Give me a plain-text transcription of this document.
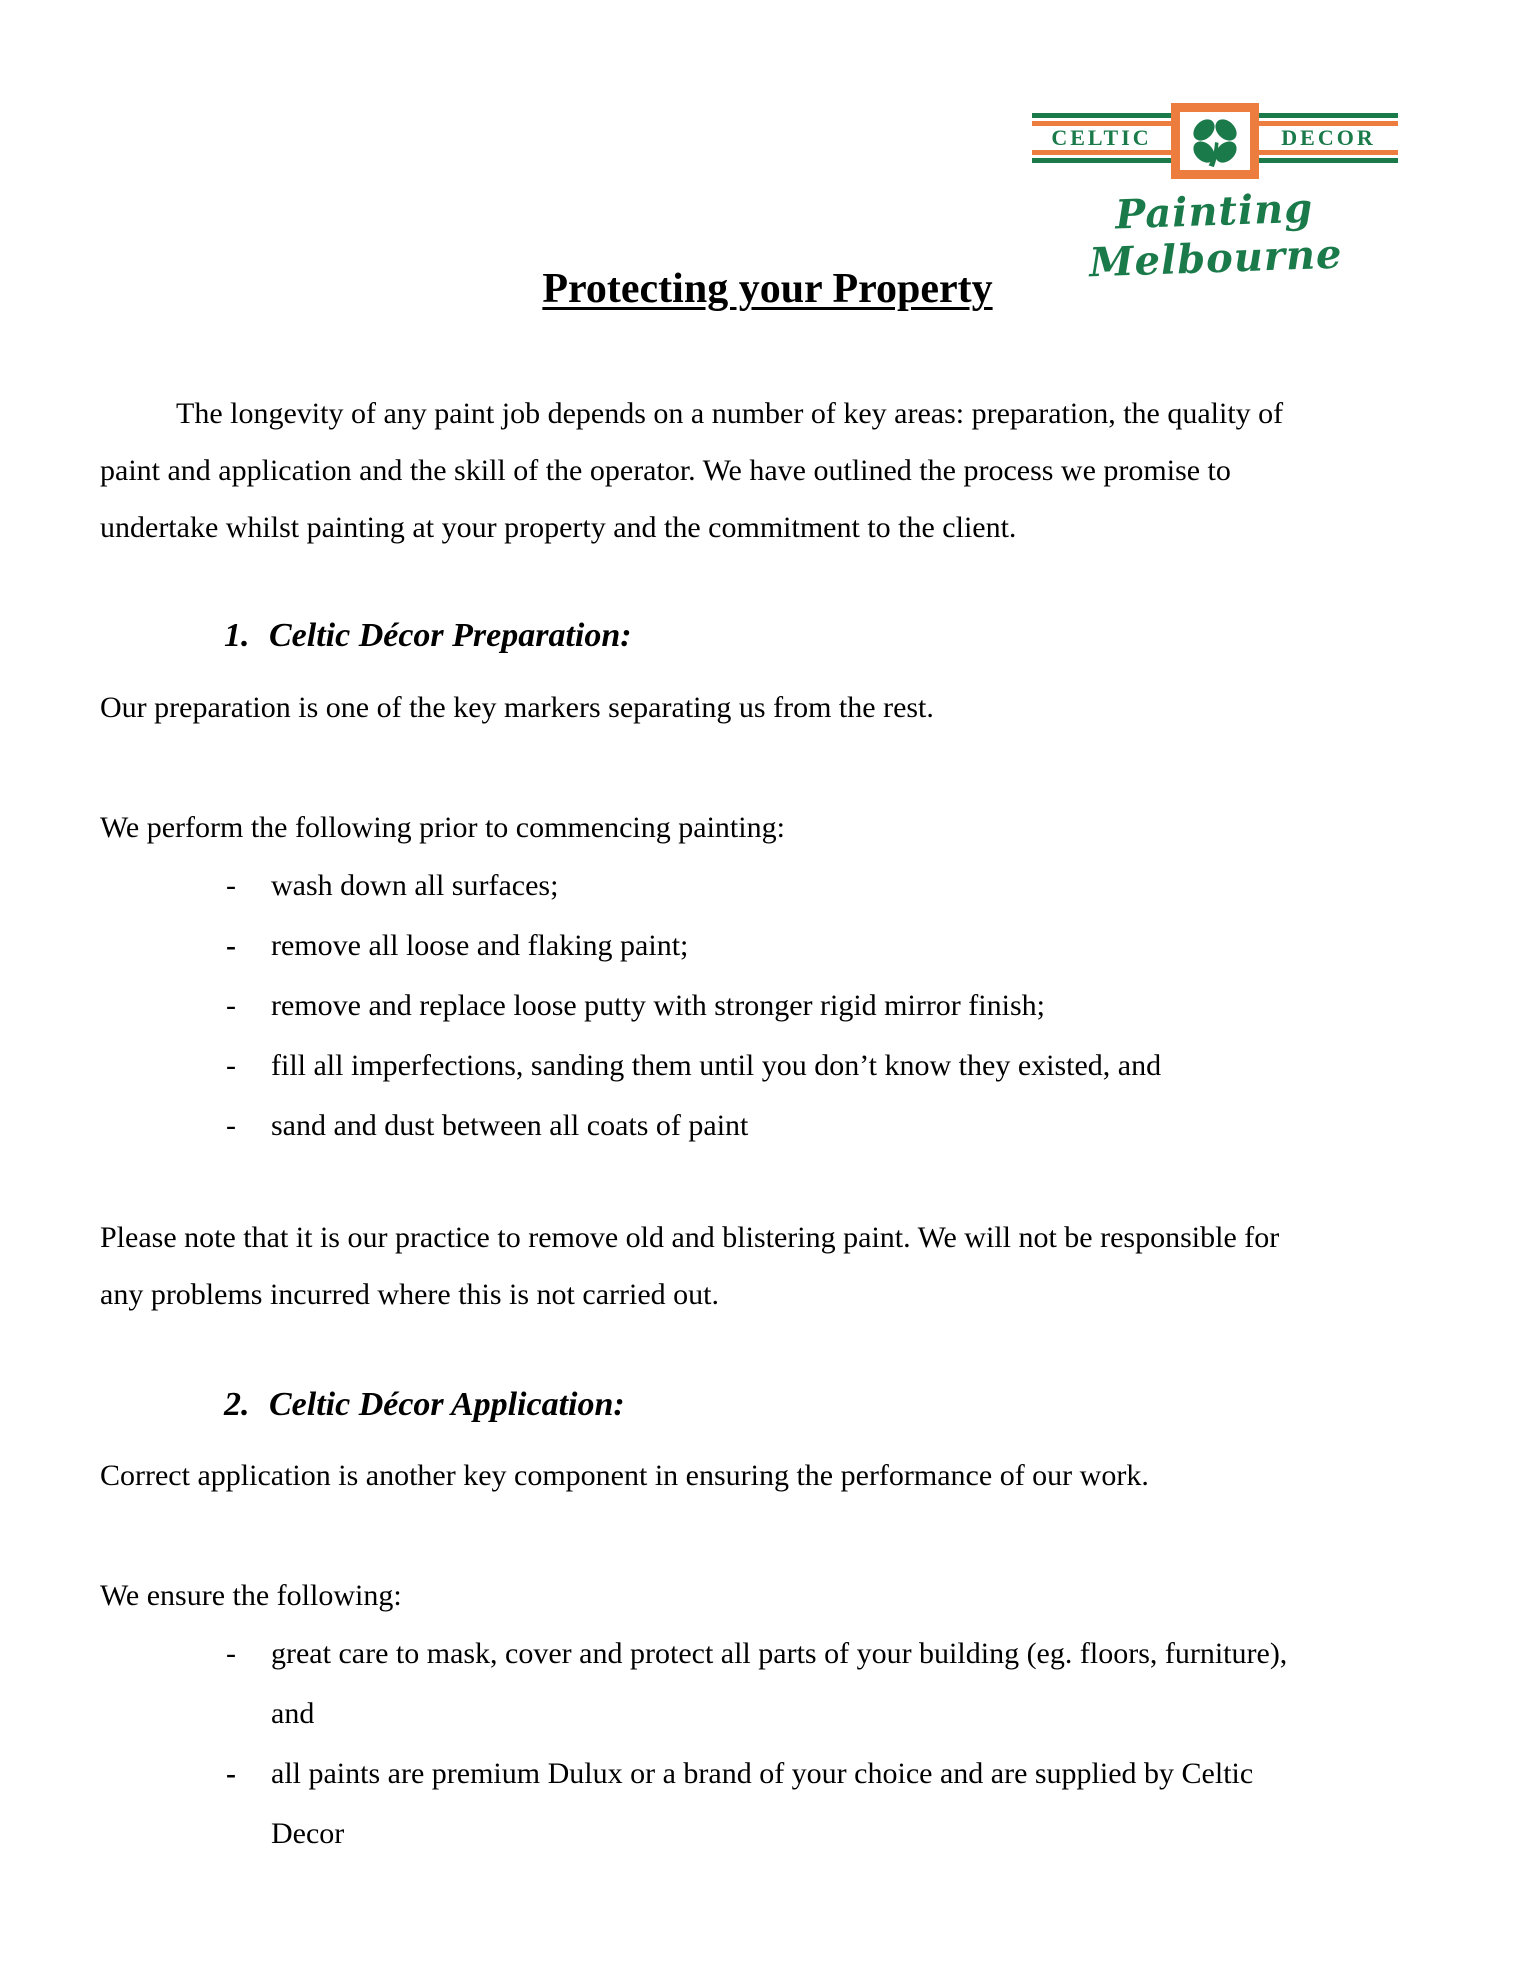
CELTIC	DECOR
Painting Melbourne
Protecting your Property
The longevity of any paint job depends on a number of key areas: preparation, the quality of
paint and application and the skill of the operator. We have outlined the process we promise to
undertake whilst painting at your property and the commitment to the client.
1. Celtic Décor Preparation:
Our preparation is one of the key markers separating us from the rest.
We perform the following prior to commencing painting:
- wash down all surfaces;
- remove all loose and flaking paint;
- remove and replace loose putty with stronger rigid mirror finish;
- fill all imperfections, sanding them until you don’t know they existed, and
- sand and dust between all coats of paint
Please note that it is our practice to remove old and blistering paint. We will not be responsible for
any problems incurred where this is not carried out.
2. Celtic Décor Application:
Correct application is another key component in ensuring the performance of our work.
We ensure the following:
- great care to mask, cover and protect all parts of your building (eg. floors, furniture),
and
- all paints are premium Dulux or a brand of your choice and are supplied by Celtic
Decor
